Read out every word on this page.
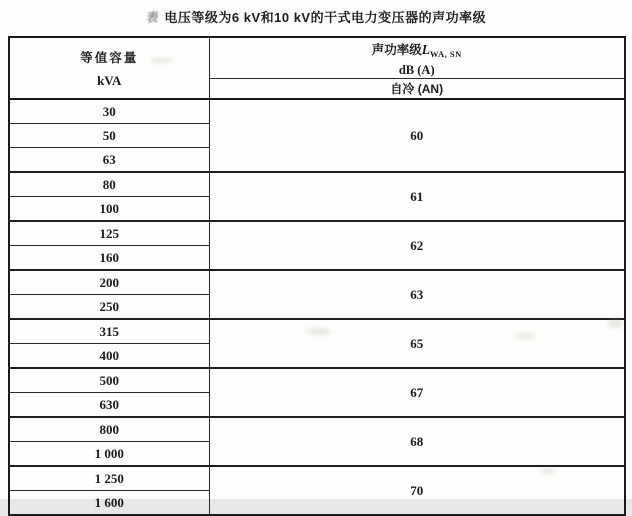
表 电压等级为6 kV和10 kV的干式电力变压器的声功率级
等值容量
kVA	声功率级$L_{WA, SN}$
dB (A)

	自冷 (AN)
30	60
50	
63	
80	61
100	
125	62
160	
200	63
250	
315	65
400	
500	67
630	
800	68
1 000	
1 250	70
1 600	
